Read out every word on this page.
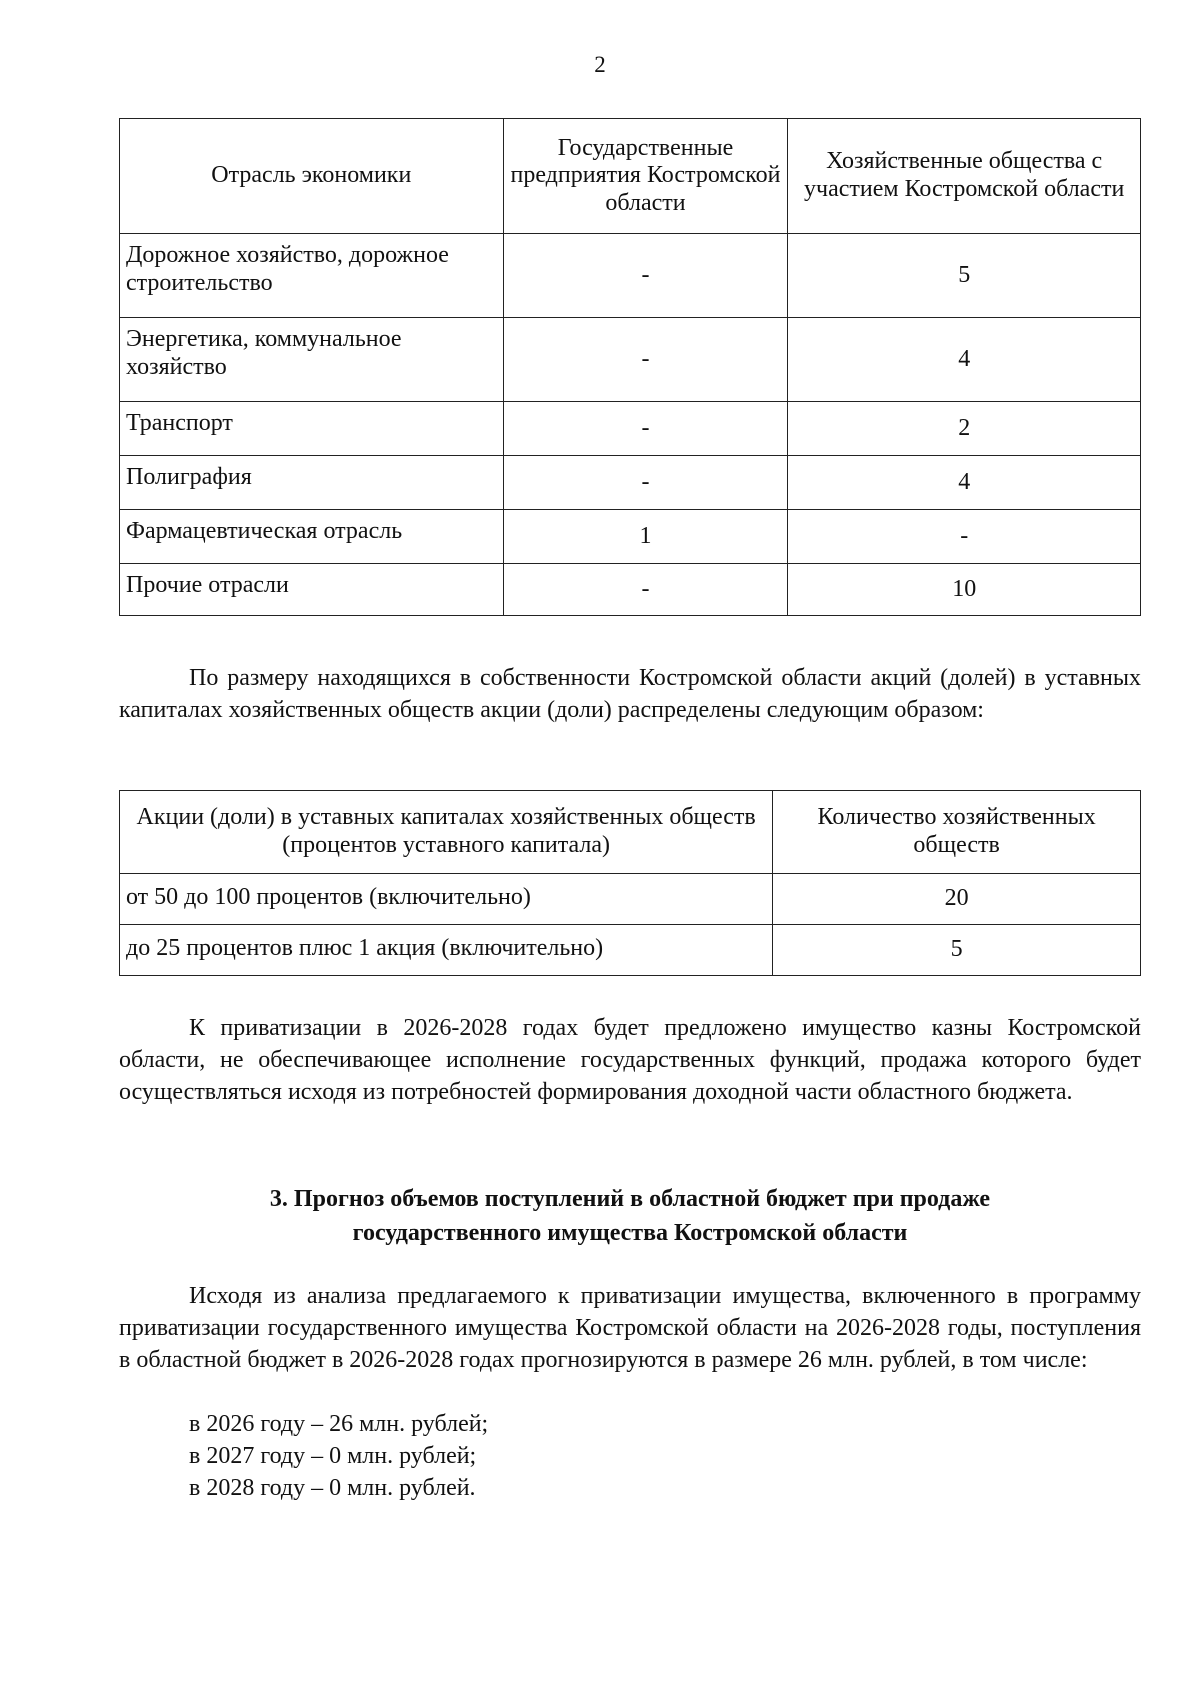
2
Отрасль экономики	Государственные предприятия Костромской области	Хозяйственные общества с участием Костромской области
Дорожное хозяйство, дорожное строительство	-	5
Энергетика, коммунальное хозяйство	-	4
Транспорт	-	2
Полиграфия	-	4
Фармацевтическая отрасль	1	-
Прочие отрасли	-	10

По размеру находящихся в собственности Костромской области акций (долей) в уставных капиталах хозяйственных обществ акции (доли) распределены следующим образом:

Акции (доли) в уставных капиталах хозяйственных обществ (процентов уставного капитала)	Количество хозяйственных обществ
от 50 до 100 процентов (включительно)	20
до 25 процентов плюс 1 акция (включительно)	5

К приватизации в 2026-2028 годах будет предложено имущество казны Костромской области, не обеспечивающее исполнение государственных функций, продажа которого будет осуществляться исходя из потребностей формирования доходной части областного бюджета.

3. Прогноз объемов поступлений в областной бюджет при продаже

государственного имущества Костромской области

Исходя из анализа предлагаемого к приватизации имущества, включенного в программу приватизации государственного имущества Костромской области на 2026-2028 годы, поступления в областной бюджет в 2026-2028 годах прогнозируются в размере 26 млн. рублей, в том числе:

в 2026 году – 26 млн. рублей;

в 2027 году – 0 млн. рублей;

в 2028 году – 0 млн. рублей.
